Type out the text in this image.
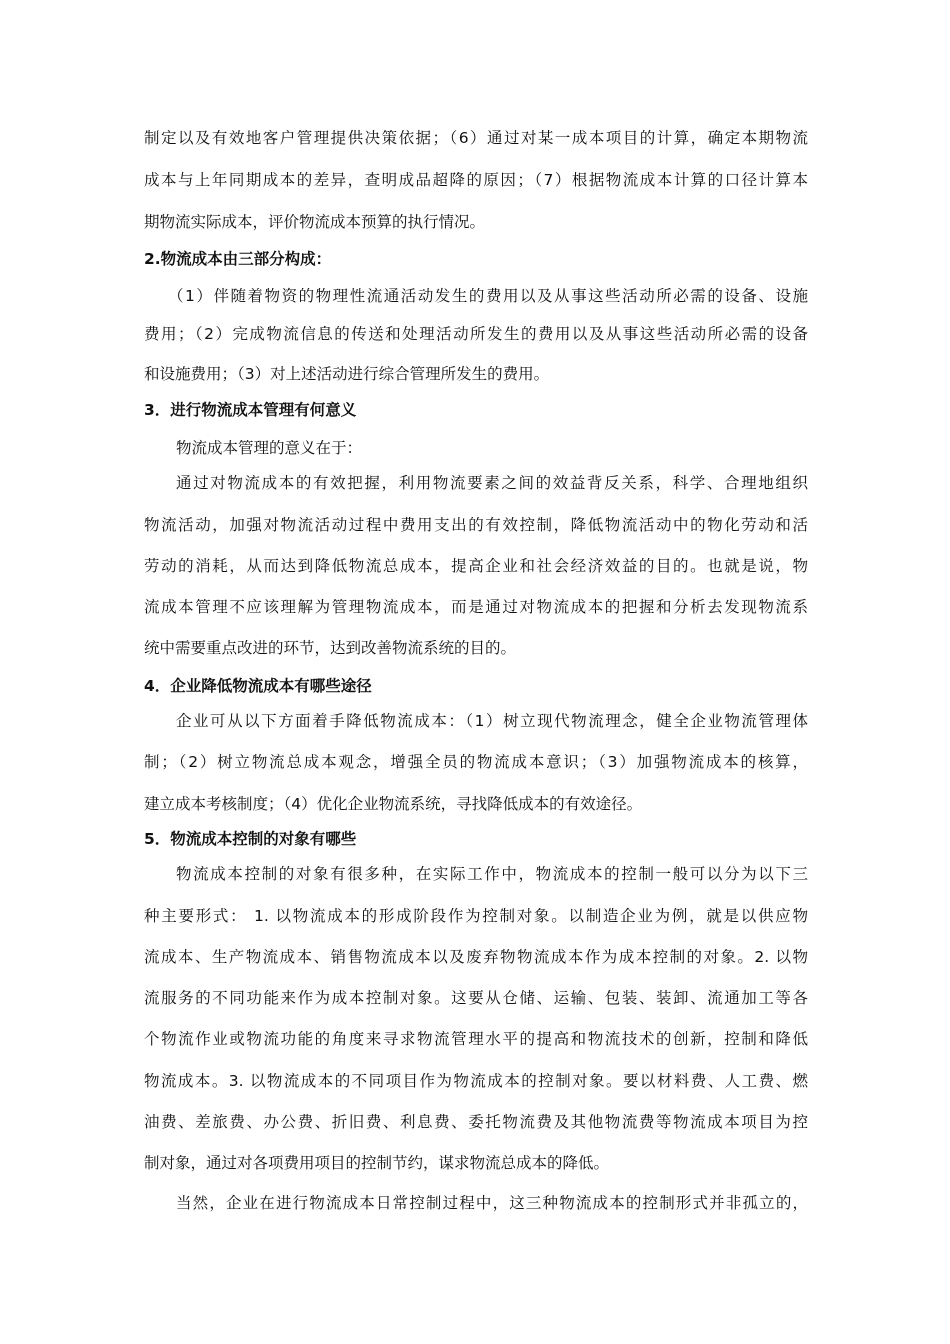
制定以及有效地客户管理提供决策依据；（6）通过对某一成本项目的计算，确定本期物流
成本与上年同期成本的差异，查明成品超降的原因；（7）根据物流成本计算的口径计算本
期物流实际成本，评价物流成本预算的执行情况。
2.物流成本由三部分构成：
（1）伴随着物资的物理性流通活动发生的费用以及从事这些活动所必需的设备、设施
费用；（2）完成物流信息的传送和处理活动所发生的费用以及从事这些活动所必需的设备
和设施费用；（3）对上述活动进行综合管理所发生的费用。
3．进行物流成本管理有何意义
物流成本管理的意义在于：
通过对物流成本的有效把握，利用物流要素之间的效益背反关系，科学、合理地组织
物流活动，加强对物流活动过程中费用支出的有效控制，降低物流活动中的物化劳动和活
劳动的消耗，从而达到降低物流总成本，提高企业和社会经济效益的目的。也就是说，物
流成本管理不应该理解为管理物流成本，而是通过对物流成本的把握和分析去发现物流系
统中需要重点改进的环节，达到改善物流系统的目的。
4．企业降低物流成本有哪些途径
企业可从以下方面着手降低物流成本：（1）树立现代物流理念，健全企业物流管理体
制；（2）树立物流总成本观念，增强全员的物流成本意识；（3）加强物流成本的核算，
建立成本考核制度；（4）优化企业物流系统，寻找降低成本的有效途径。
5．物流成本控制的对象有哪些
物流成本控制的对象有很多种，在实际工作中，物流成本的控制一般可以分为以下三
种主要形式： 1. 以物流成本的形成阶段作为控制对象。以制造企业为例，就是以供应物
流成本、生产物流成本、销售物流成本以及废弃物物流成本作为成本控制的对象。2. 以物
流服务的不同功能来作为成本控制对象。这要从仓储、运输、包装、装卸、流通加工等各
个物流作业或物流功能的角度来寻求物流管理水平的提高和物流技术的创新，控制和降低
物流成本。3. 以物流成本的不同项目作为物流成本的控制对象。要以材料费、人工费、燃
油费、差旅费、办公费、折旧费、利息费、委托物流费及其他物流费等物流成本项目为控
制对象，通过对各项费用项目的控制节约，谋求物流总成本的降低。
当然，企业在进行物流成本日常控制过程中，这三种物流成本的控制形式并非孤立的，
